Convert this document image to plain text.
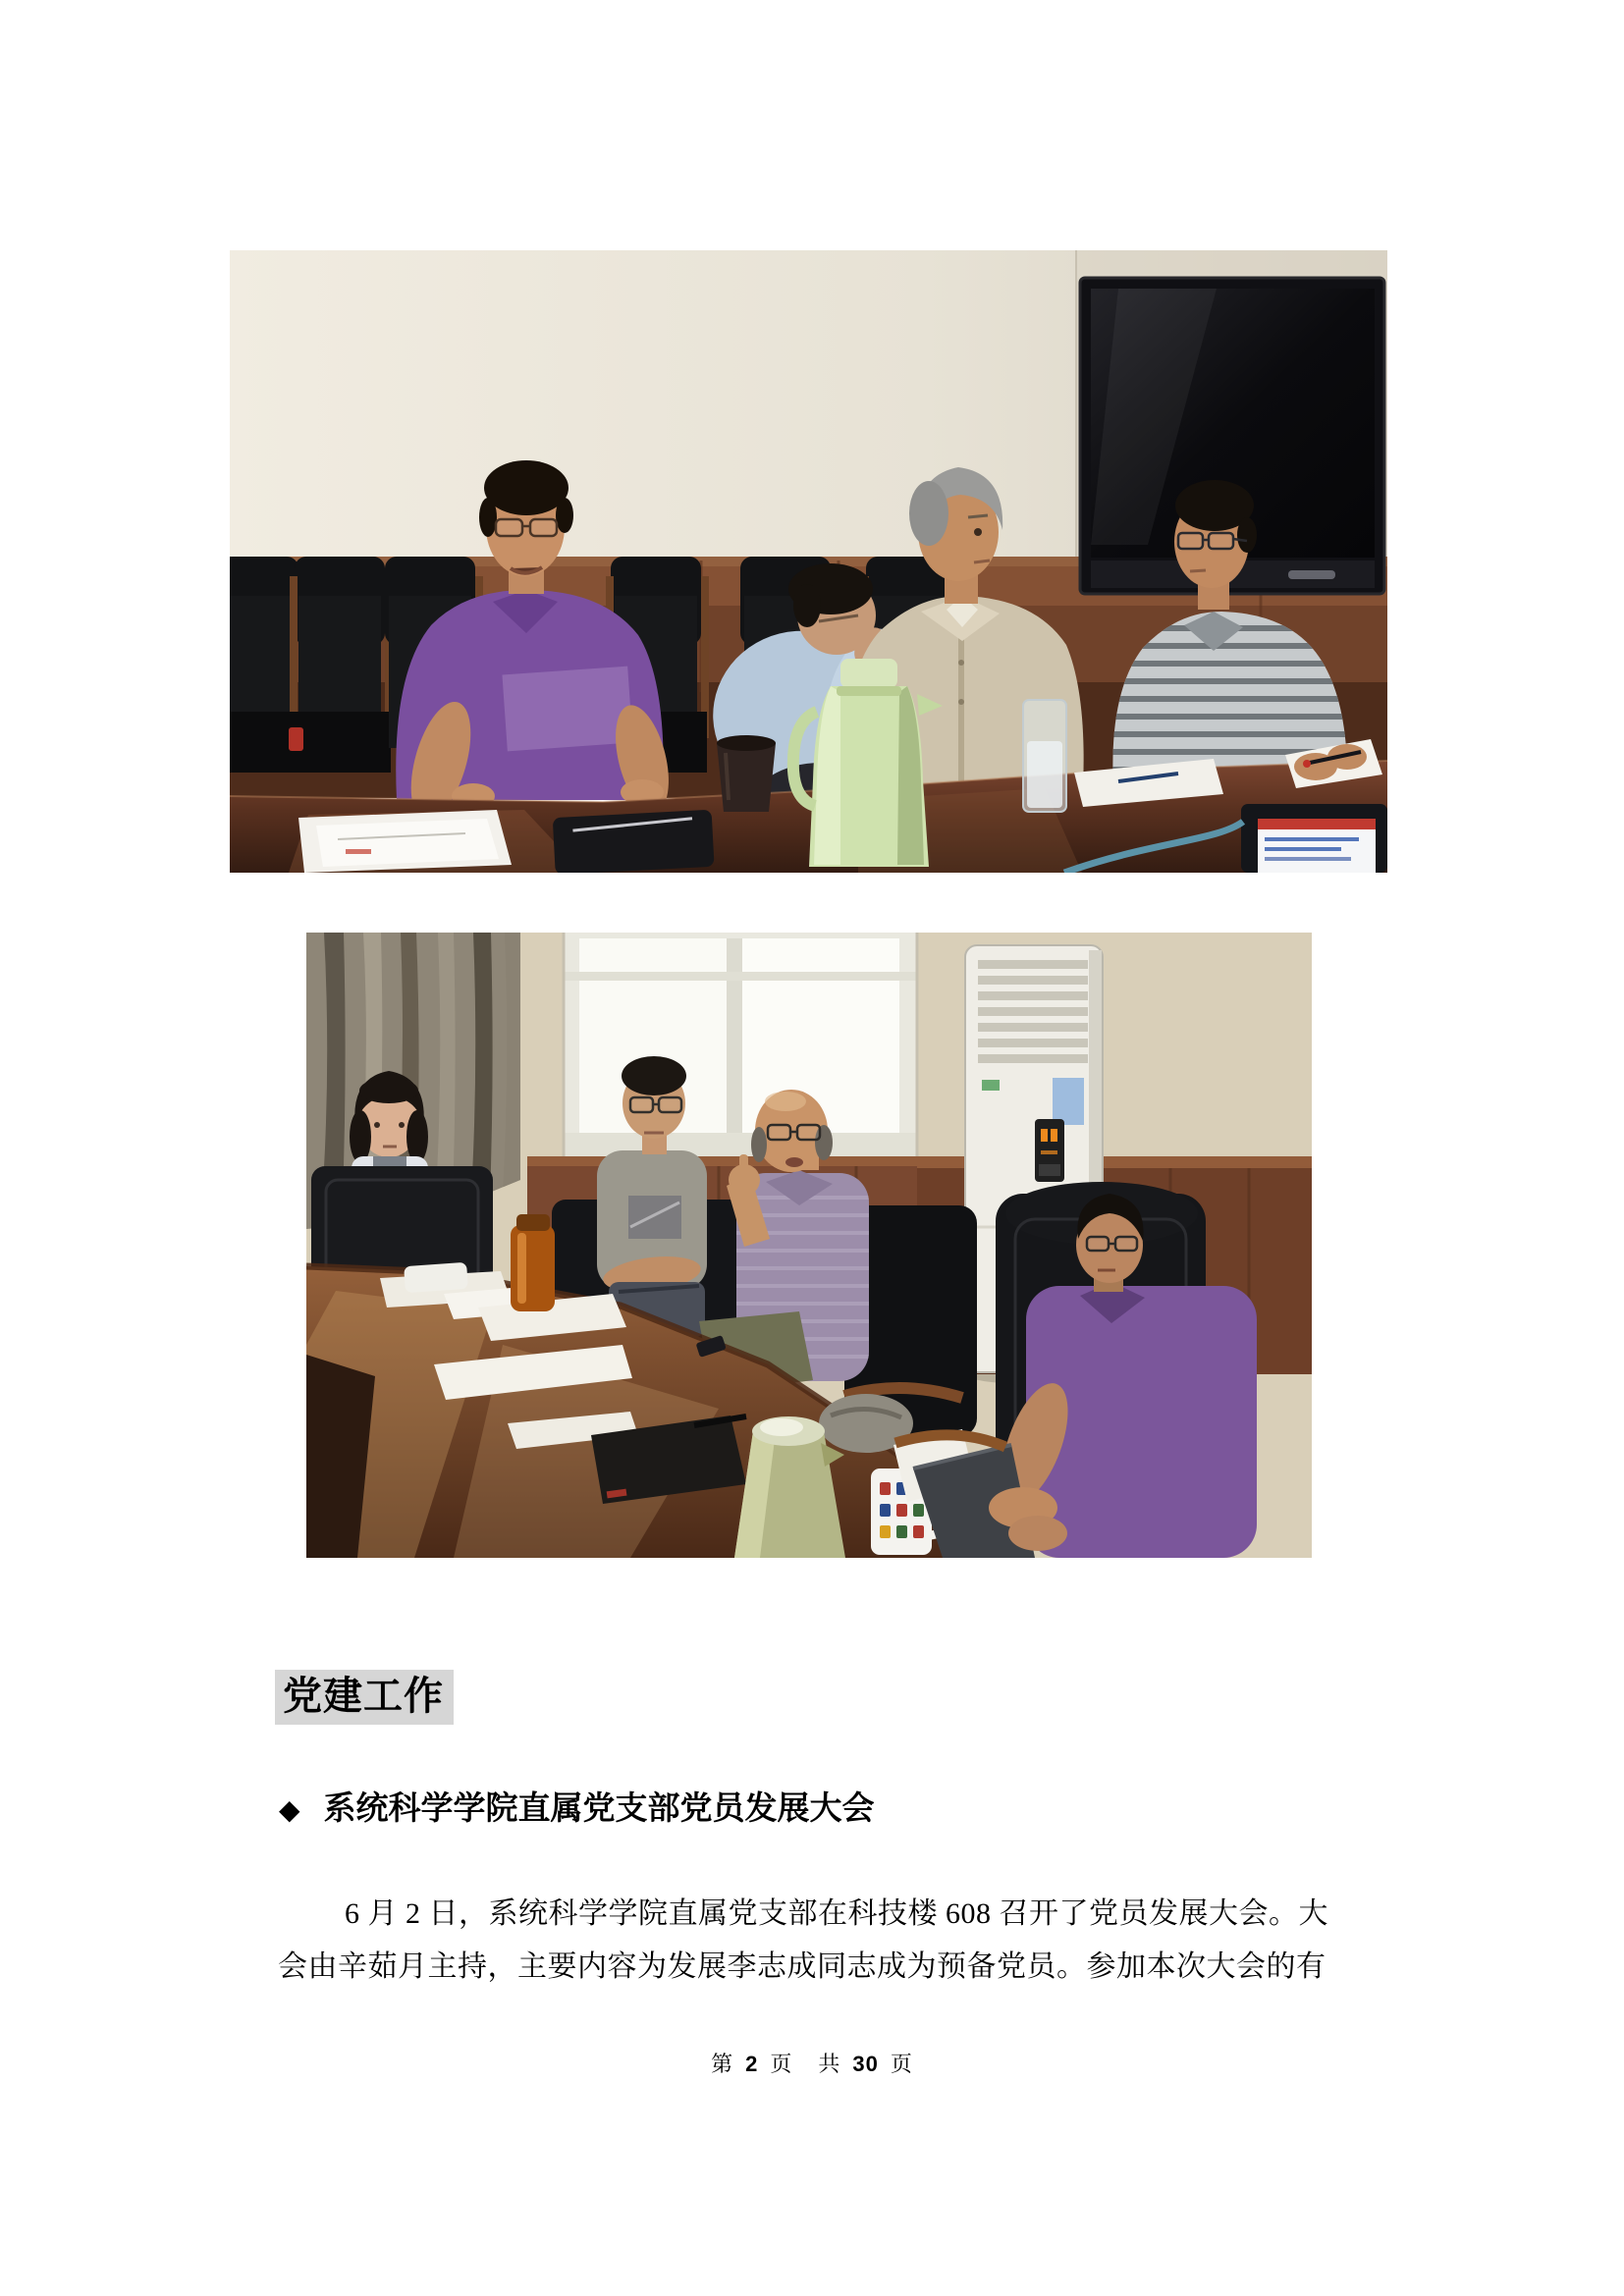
党建工作
◆ 系统科学学院直属党支部党员发展大会
6 月 2 日，系统科学学院直属党支部在科技楼 608 召开了党员发展大会。大
会由辛茹月主持，主要内容为发展李志成同志成为预备党员。参加本次大会的有
第 2 页 共 30 页
